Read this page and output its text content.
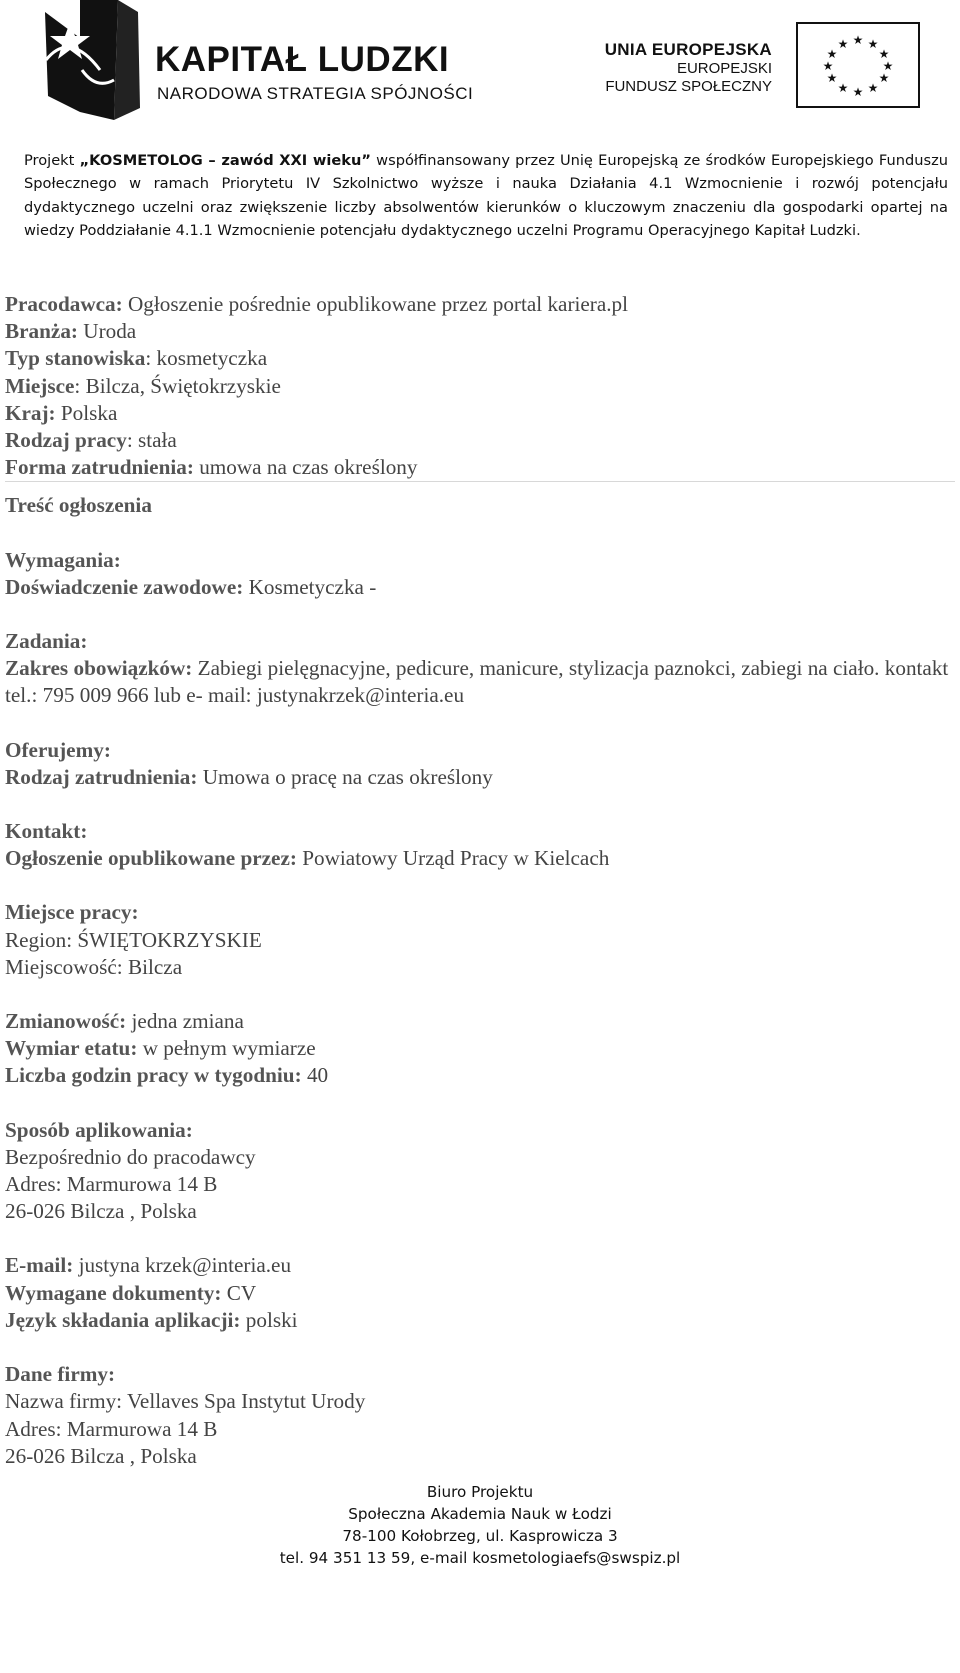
KAPITAŁ LUDZKI
NARODOWA STRATEGIA SPÓJNOŚCI
UNIA EUROPEJSKA
EUROPEJSKI
FUNDUSZ SPOŁECZNY
★ ★
★
★
★
★
★
★
★
★
★
★
Projekt „KOSMETOLOG – zawód XXI wieku” współfinansowany przez Unię Europejską ze środków Europejskiego Funduszu Społecznego w ramach Priorytetu IV Szkolnictwo wyższe i nauka Działania 4.1 Wzmocnienie i rozwój potencjału dydaktycznego uczelni oraz zwiększenie liczby absolwentów kierunków o kluczowym znaczeniu dla gospodarki opartej na wiedzy Poddziałanie 4.1.1 Wzmocnienie potencjału dydaktycznego uczelni Programu Operacyjnego Kapitał Ludzki.
Pracodawca: Ogłoszenie pośrednie opublikowane przez portal kariera.pl
Branża: Uroda
Typ stanowiska: kosmetyczka
Miejsce: Bilcza, Świętokrzyskie
Kraj: Polska
Rodzaj pracy: stała
Forma zatrudnienia: umowa na czas określony
Treść ogłoszenia
Wymagania:
Doświadczenie zawodowe: Kosmetyczka -
Zadania:
Zakres obowiązków: Zabiegi pielęgnacyjne, pedicure, manicure, stylizacja paznokci, zabiegi na ciało. kontakt tel.: 795 009 966 lub e- mail: justynakrzek@interia.eu
Oferujemy:
Rodzaj zatrudnienia: Umowa o pracę na czas określony
Kontakt:
Ogłoszenie opublikowane przez: Powiatowy Urząd Pracy w Kielcach
Miejsce pracy:
Region: ŚWIĘTOKRZYSKIE
Miejscowość: Bilcza
Zmianowość: jedna zmiana
Wymiar etatu: w pełnym wymiarze
Liczba godzin pracy w tygodniu: 40
Sposób aplikowania:
Bezpośrednio do pracodawcy
Adres: Marmurowa 14 B
26-026 Bilcza , Polska
E-mail: justyna krzek@interia.eu
Wymagane dokumenty: CV
Język składania aplikacji: polski
Dane firmy:
Nazwa firmy: Vellaves Spa Instytut Urody
Adres: Marmurowa 14 B
26-026 Bilcza , Polska
Biuro Projektu
Społeczna Akademia Nauk w Łodzi
78-100 Kołobrzeg, ul. Kasprowicza 3
tel. 94 351 13 59, e-mail kosmetologiaefs@swspiz.pl
